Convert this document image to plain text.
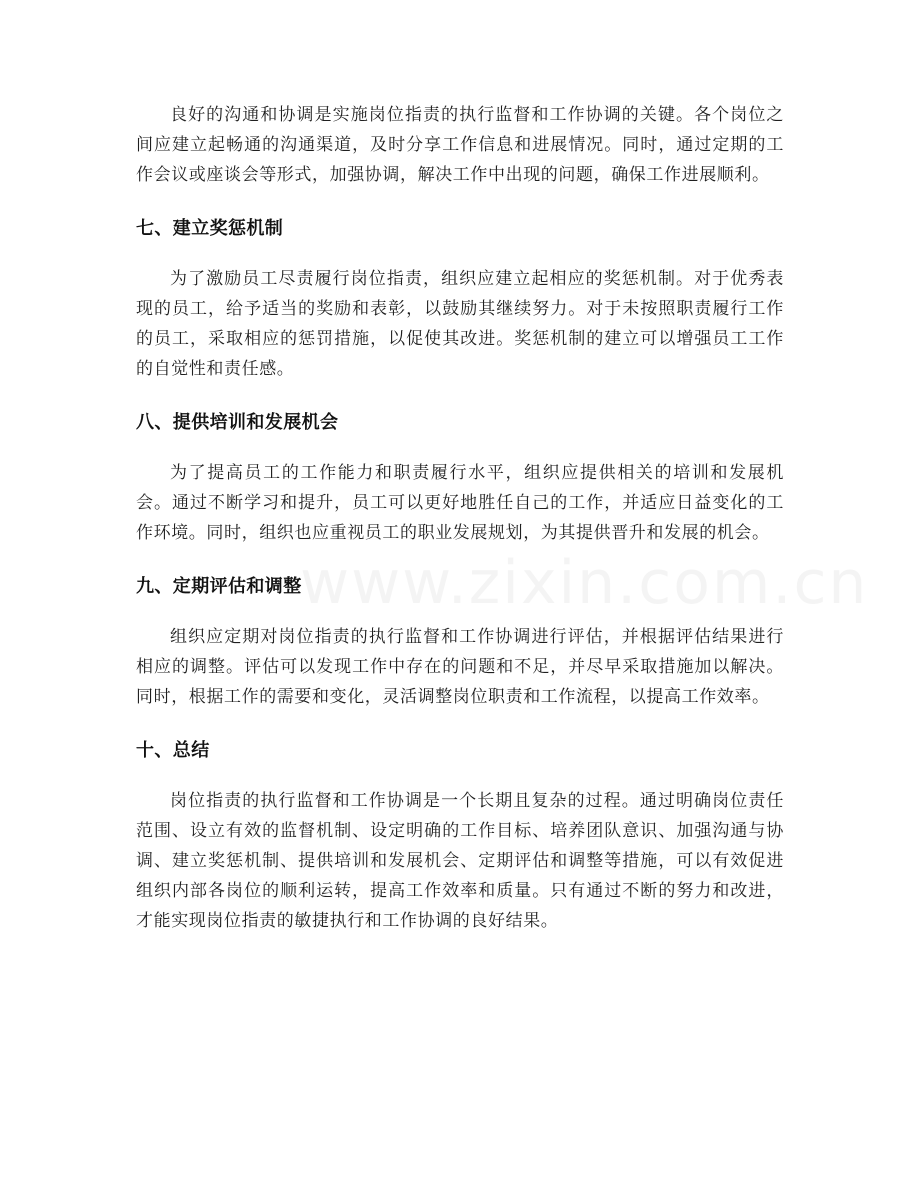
www.zixin.com.cn

良好的沟通和协调是实施岗位指责的执行监督和工作协调的关键。各个岗位之间应建立起畅通的沟通渠道，及时分享工作信息和进展情况。同时，通过定期的工作会议或座谈会等形式，加强协调，解决工作中出现的问题，确保工作进展顺利。

七、建立奖惩机制

为了激励员工尽责履行岗位指责，组织应建立起相应的奖惩机制。对于优秀表现的员工，给予适当的奖励和表彰，以鼓励其继续努力。对于未按照职责履行工作的员工，采取相应的惩罚措施，以促使其改进。奖惩机制的建立可以增强员工工作的自觉性和责任感。

八、提供培训和发展机会

为了提高员工的工作能力和职责履行水平，组织应提供相关的培训和发展机会。通过不断学习和提升，员工可以更好地胜任自己的工作，并适应日益变化的工作环境。同时，组织也应重视员工的职业发展规划，为其提供晋升和发展的机会。

九、定期评估和调整

组织应定期对岗位指责的执行监督和工作协调进行评估，并根据评估结果进行相应的调整。评估可以发现工作中存在的问题和不足，并尽早采取措施加以解决。同时，根据工作的需要和变化，灵活调整岗位职责和工作流程，以提高工作效率。

十、总结

岗位指责的执行监督和工作协调是一个长期且复杂的过程。通过明确岗位责任范围、设立有效的监督机制、设定明确的工作目标、培养团队意识、加强沟通与协调、建立奖惩机制、提供培训和发展机会、定期评估和调整等措施，可以有效促进组织内部各岗位的顺利运转，提高工作效率和质量。只有通过不断的努力和改进，才能实现岗位指责的敏捷执行和工作协调的良好结果。
